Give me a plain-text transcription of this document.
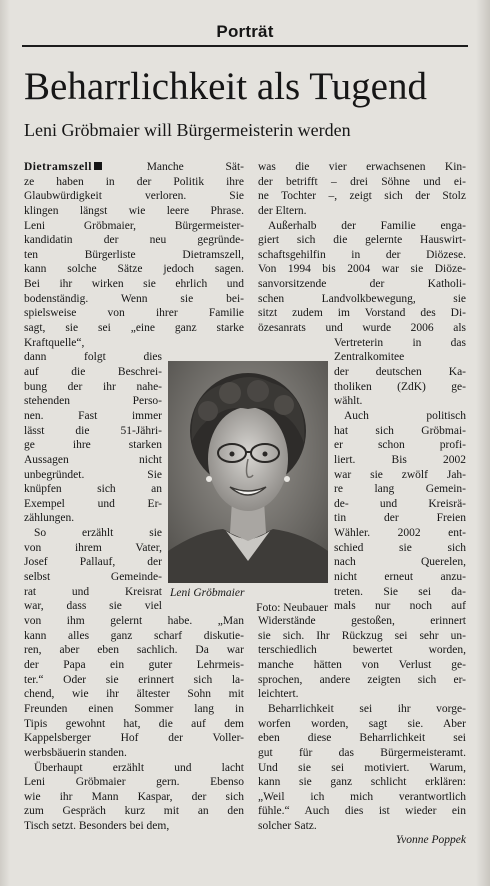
Porträt
Beharrlichkeit als Tugend
Leni Gröbmaier will Bürgermeisterin werden
Dietramszell Manche Sät-
ze haben in der Politik ihre
Glaubwürdigkeit verloren. Sie
klingen längst wie leere Phrase.
Leni Gröbmaier, Bürgermeister-
kandidatin der neu gegründe-
ten Bürgerliste Dietramszell,
kann solche Sätze jedoch sagen.
Bei ihr wirken sie ehrlich und
bodenständig. Wenn sie bei-
spielsweise von ihrer Familie
sagt, sie sei „eine ganz starke
Kraftquelle“,
dann folgt dies
auf die Beschrei-
bung der ihr nahe-
stehenden Perso-
nen. Fast immer
lässt die 51-Jähri-
ge ihre starken
Aussagen nicht
unbegründet. Sie
knüpfen sich an
Exempel und Er-
zählungen.
So erzählt sie
von ihrem Vater,
Josef Pallauf, der
selbst Gemeinde-
rat und Kreisrat
war, dass sie viel
von ihm gelernt habe. „Man
kann alles ganz scharf diskutie-
ren, aber eben sachlich. Da war
der Papa ein guter Lehrmeis-
ter.“ Oder sie erinnert sich la-
chend, wie ihr ältester Sohn mit
Freunden einen Sommer lang in
Tipis gewohnt hat, die auf dem
Kappelsberger Hof der Voller-
werbsbäuerin standen.
Überhaupt erzählt und lacht
Leni Gröbmaier gern. Ebenso
wie ihr Mann Kaspar, der sich
zum Gespräch kurz mit an den
Tisch setzt. Besonders bei dem,
was die vier erwachsenen Kin-
der betrifft – drei Söhne und ei-
ne Tochter –, zeigt sich der Stolz
der Eltern.
Außerhalb der Familie enga-
giert sich die gelernte Hauswirt-
schaftsgehilfin in der Diözese.
Von 1994 bis 2004 war sie Diöze-
sanvorsitzende der Katholi-
schen Landvolkbewegung, sie
sitzt zudem im Vorstand des Di-
özesanrats und wurde 2006 als
Vertreterin in das
Zentralkomitee
der deutschen Ka-
tholiken (ZdK) ge-
wählt.
Auch politisch
hat sich Gröbmai-
er schon profi-
liert. Bis 2002
war sie zwölf Jah-
re lang Gemein-
de- und Kreisrä-
tin der Freien
Wähler. 2002 ent-
schied sie sich
nach Querelen,
nicht erneut anzu-
treten. Sie sei da-
mals nur noch auf
Widerstände gestoßen, erinnert
sie sich. Ihr Rückzug sei sehr un-
terschiedlich bewertet worden,
manche hätten von Verlust ge-
sprochen, andere zeigten sich er-
leichtert.
Beharrlichkeit sei ihr vorge-
worfen worden, sagt sie. Aber
eben diese Beharrlichkeit sei
gut für das Bürgermeisteramt.
Und sie sei motiviert. Warum,
kann sie ganz schlicht erklären:
„Weil ich mich verantwortlich
fühle.“ Auch dies ist wieder ein
solcher Satz.
Yvonne Poppek
Leni Gröbmaier
Foto: Neubauer
